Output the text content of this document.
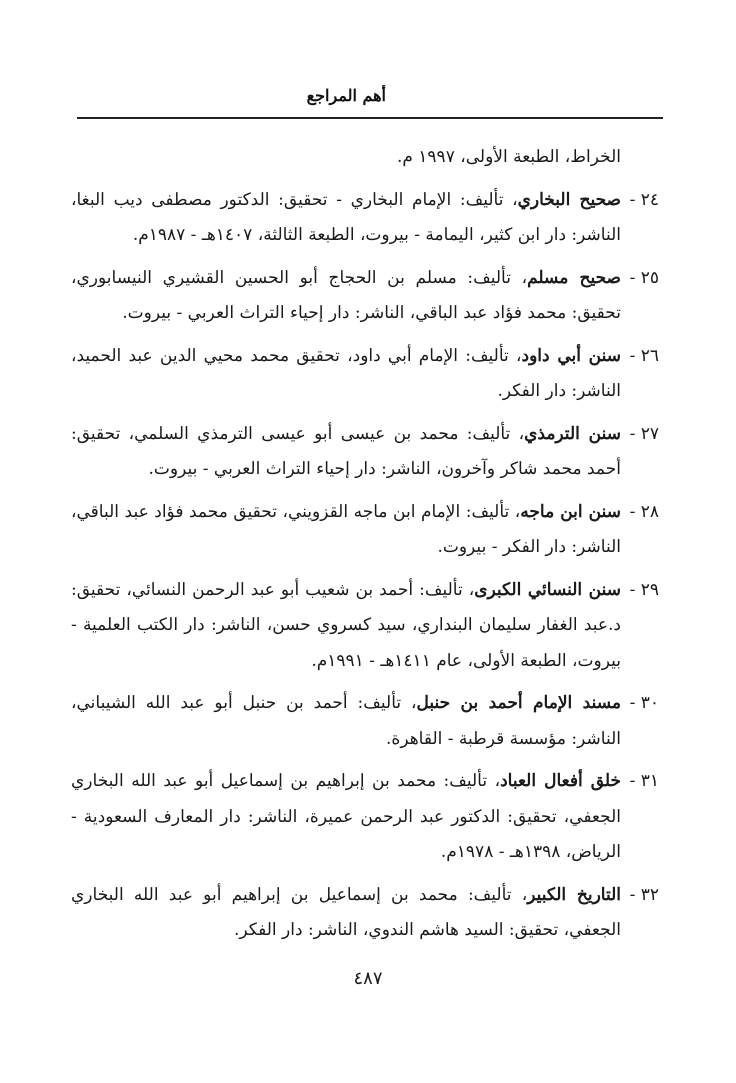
أهم المراجع
الخراط، الطبعة الأولى، ١٩٩٧ م.
٢٤ -
صحيح البخاري، تأليف: الإمام البخاري - تحقيق: الدكتور مصطفى ديب البغا، الناشر: دار ابن كثير، اليمامة - بيروت، الطبعة الثالثة، ١٤٠٧هـ - ١٩٨٧م.
٢٥ -
صحيح مسلم، تأليف: مسلم بن الحجاج أبو الحسين القشيري النيسابوري، تحقيق: محمد فؤاد عبد الباقي، الناشر: دار إحياء التراث العربي - بيروت.
٢٦ -
سنن أبي داود، تأليف: الإمام أبي داود، تحقيق محمد محيي الدين عبد الحميد، الناشر: دار الفكر.
٢٧ -
سنن الترمذي، تأليف: محمد بن عيسى أبو عيسى الترمذي السلمي، تحقيق: أحمد محمد شاكر وآخرون، الناشر: دار إحياء التراث العربي - بيروت.
٢٨ -
سنن ابن ماجه، تأليف: الإمام ابن ماجه القزويني، تحقيق محمد فؤاد عبد الباقي، الناشر: دار الفكر - بيروت.
٢٩ -
سنن النسائي الكبرى، تأليف: أحمد بن شعيب أبو عبد الرحمن النسائي، تحقيق: د.عبد الغفار سليمان البنداري، سيد كسروي حسن، الناشر: دار الكتب العلمية - بيروت، الطبعة الأولى، عام ١٤١١هـ - ١٩٩١م.
٣٠ -
مسند الإمام أحمد بن حنبل، تأليف: أحمد بن حنبل أبو عبد الله الشيباني، الناشر: مؤسسة قرطبة - القاهرة.
٣١ -
خلق أفعال العباد، تأليف: محمد بن إبراهيم بن إسماعيل أبو عبد الله البخاري الجعفي، تحقيق: الدكتور عبد الرحمن عميرة، الناشر: دار المعارف السعودية - الرياض، ١٣٩٨هـ - ١٩٧٨م.
٣٢ -
التاريخ الكبير، تأليف: محمد بن إسماعيل بن إبراهيم أبو عبد الله البخاري الجعفي، تحقيق: السيد هاشم الندوي، الناشر: دار الفكر.
٤٨٧
